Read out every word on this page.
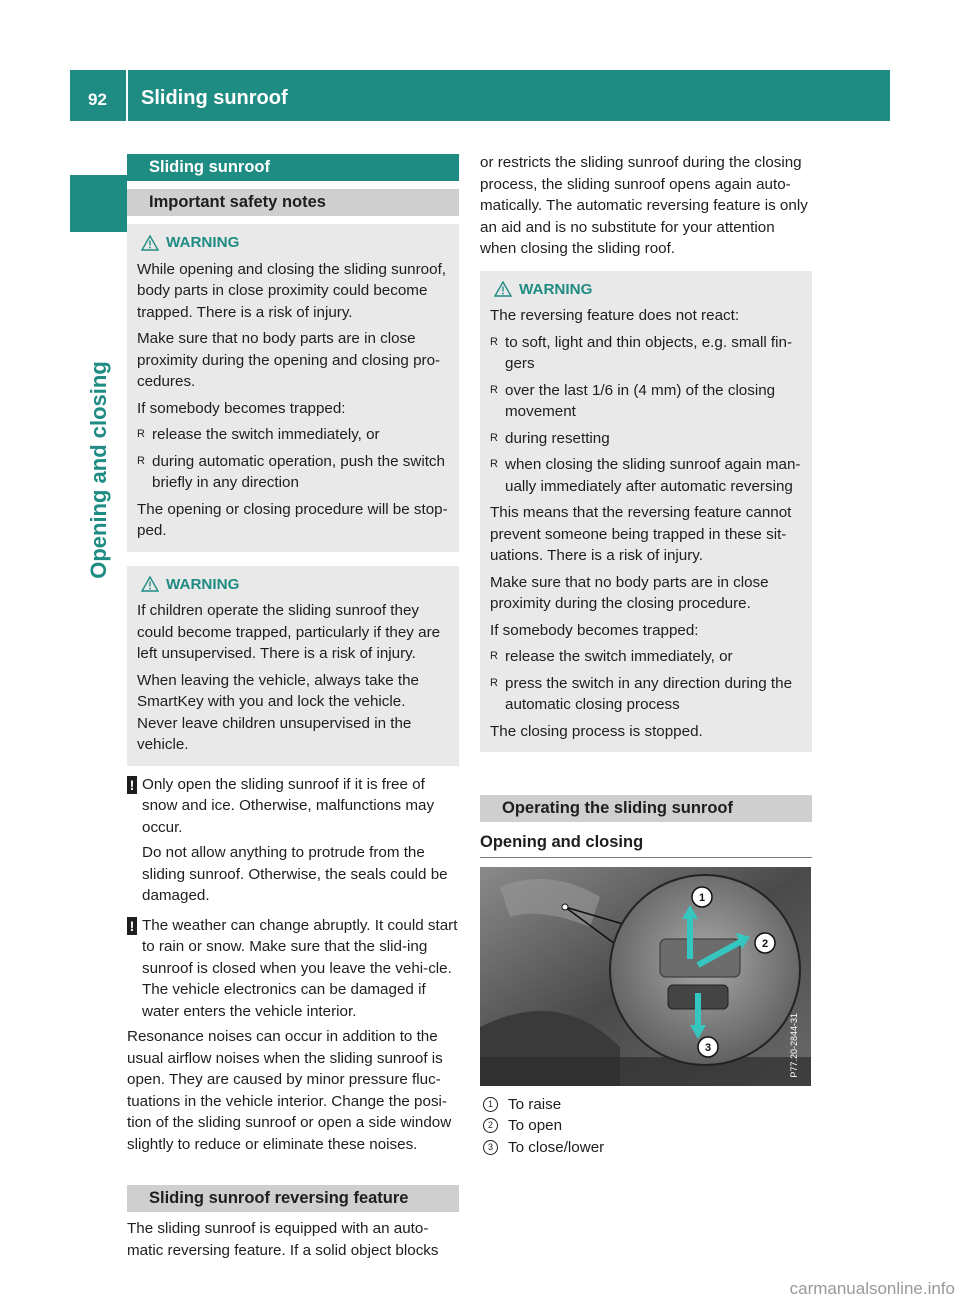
92 Sliding sunroof
Opening and closing
Sliding sunroof
Important safety notes
WARNING

While opening and closing the sliding sunroof, body parts in close proximity could become trapped. There is a risk of injury.

Make sure that no body parts are in close proximity during the opening and closing pro-cedures.

If somebody becomes trapped:

R release the switch immediately, or
R during automatic operation, push the switch briefly in any direction

The opening or closing procedure will be stop-ped.

WARNING

If children operate the sliding sunroof they could become trapped, particularly if they are left unsupervised. There is a risk of injury.

When leaving the vehicle, always take the SmartKey with you and lock the vehicle. Never leave children unsupervised in the vehicle.

! Only open the sliding sunroof if it is free of snow and ice. Otherwise, malfunctions may occur.

Do not allow anything to protrude from the sliding sunroof. Otherwise, the seals could be damaged.

! The weather can change abruptly. It could start to rain or snow. Make sure that the slid-ing sunroof is closed when you leave the vehi-cle. The vehicle electronics can be damaged if water enters the vehicle interior.

Resonance noises can occur in addition to the usual airflow noises when the sliding sunroof is open. They are caused by minor pressure fluc-tuations in the vehicle interior. Change the posi-tion of the sliding sunroof or open a side window slightly to reduce or eliminate these noises.

Sliding sunroof reversing feature

The sliding sunroof is equipped with an auto-matic reversing feature. If a solid object blocks

or restricts the sliding sunroof during the closing process, the sliding sunroof opens again auto-matically. The automatic reversing feature is only an aid and is no substitute for your attention when closing the sliding roof.

WARNING

The reversing feature does not react:

R to soft, light and thin objects, e.g. small fin-gers
R over the last 1/6 in (4 mm) of the closing movement
R during resetting
R when closing the sliding sunroof again man-ually immediately after automatic reversing

This means that the reversing feature cannot prevent someone being trapped in these sit-uations. There is a risk of injury.

Make sure that no body parts are in close proximity during the closing procedure.

If somebody becomes trapped:

R release the switch immediately, or
R press the switch in any direction during the automatic closing process

The closing process is stopped.

Operating the sliding sunroof
Opening and closing
1
2
3	P77.20-2844-31
1 To raise
2 To open
3 To close/lower
carmanualsonline.info
